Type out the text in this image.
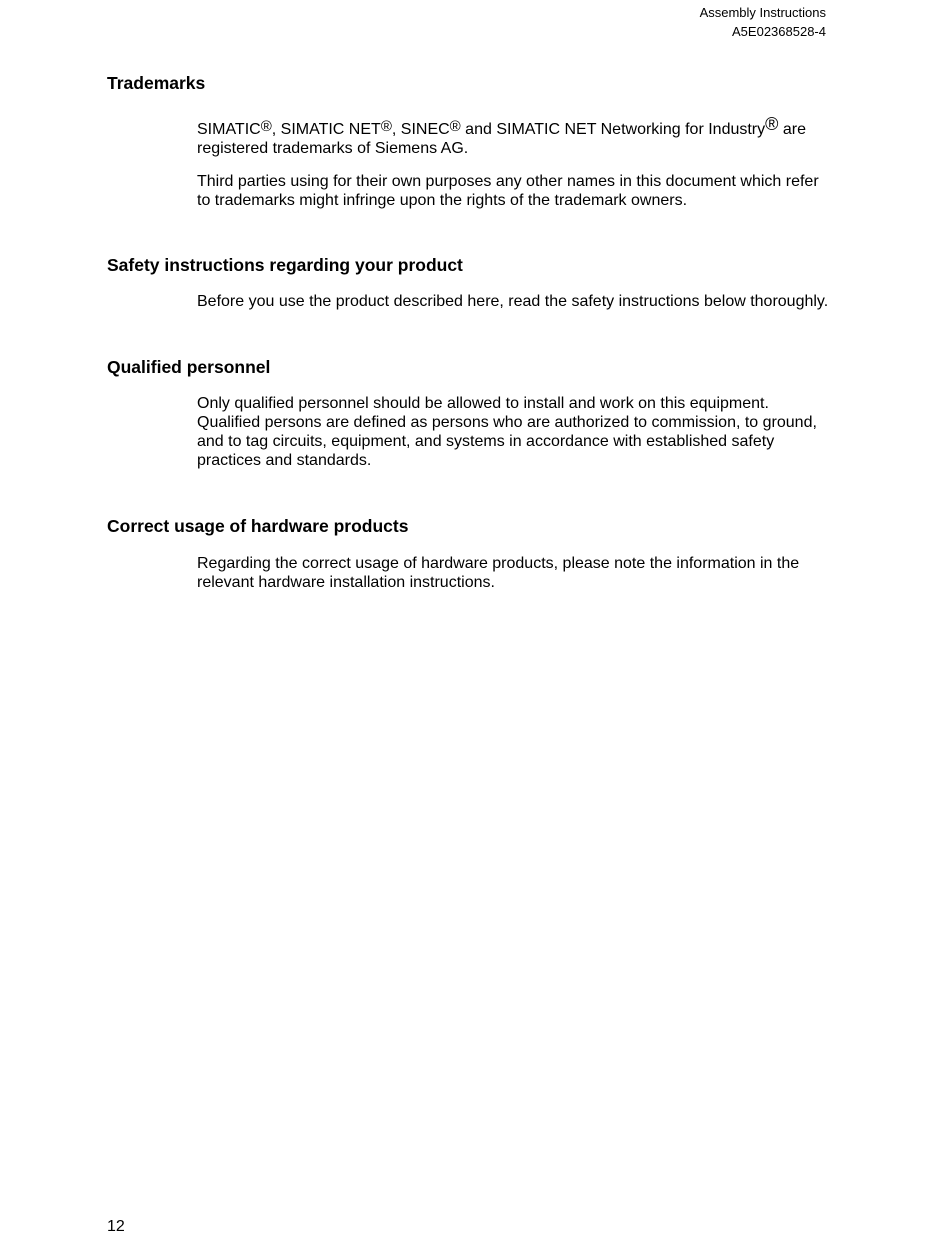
Assembly Instructions
A5E02368528-4
Trademarks
SIMATIC®, SIMATIC NET®, SINEC® and SIMATIC NET Networking for Industry® are
registered trademarks of Siemens AG.
Third parties using for their own purposes any other names in this document which refer
to trademarks might infringe upon the rights of the trademark owners.
Safety instructions regarding your product
Before you use the product described here, read the safety instructions below thoroughly.
Qualified personnel
Only qualified personnel should be allowed to install and work on this equipment.
Qualified persons are defined as persons who are authorized to commission, to ground,
and to tag circuits, equipment, and systems in accordance with established safety
practices and standards.
Correct usage of hardware products
Regarding the correct usage of hardware products, please note the information in the
relevant hardware installation instructions.
12
